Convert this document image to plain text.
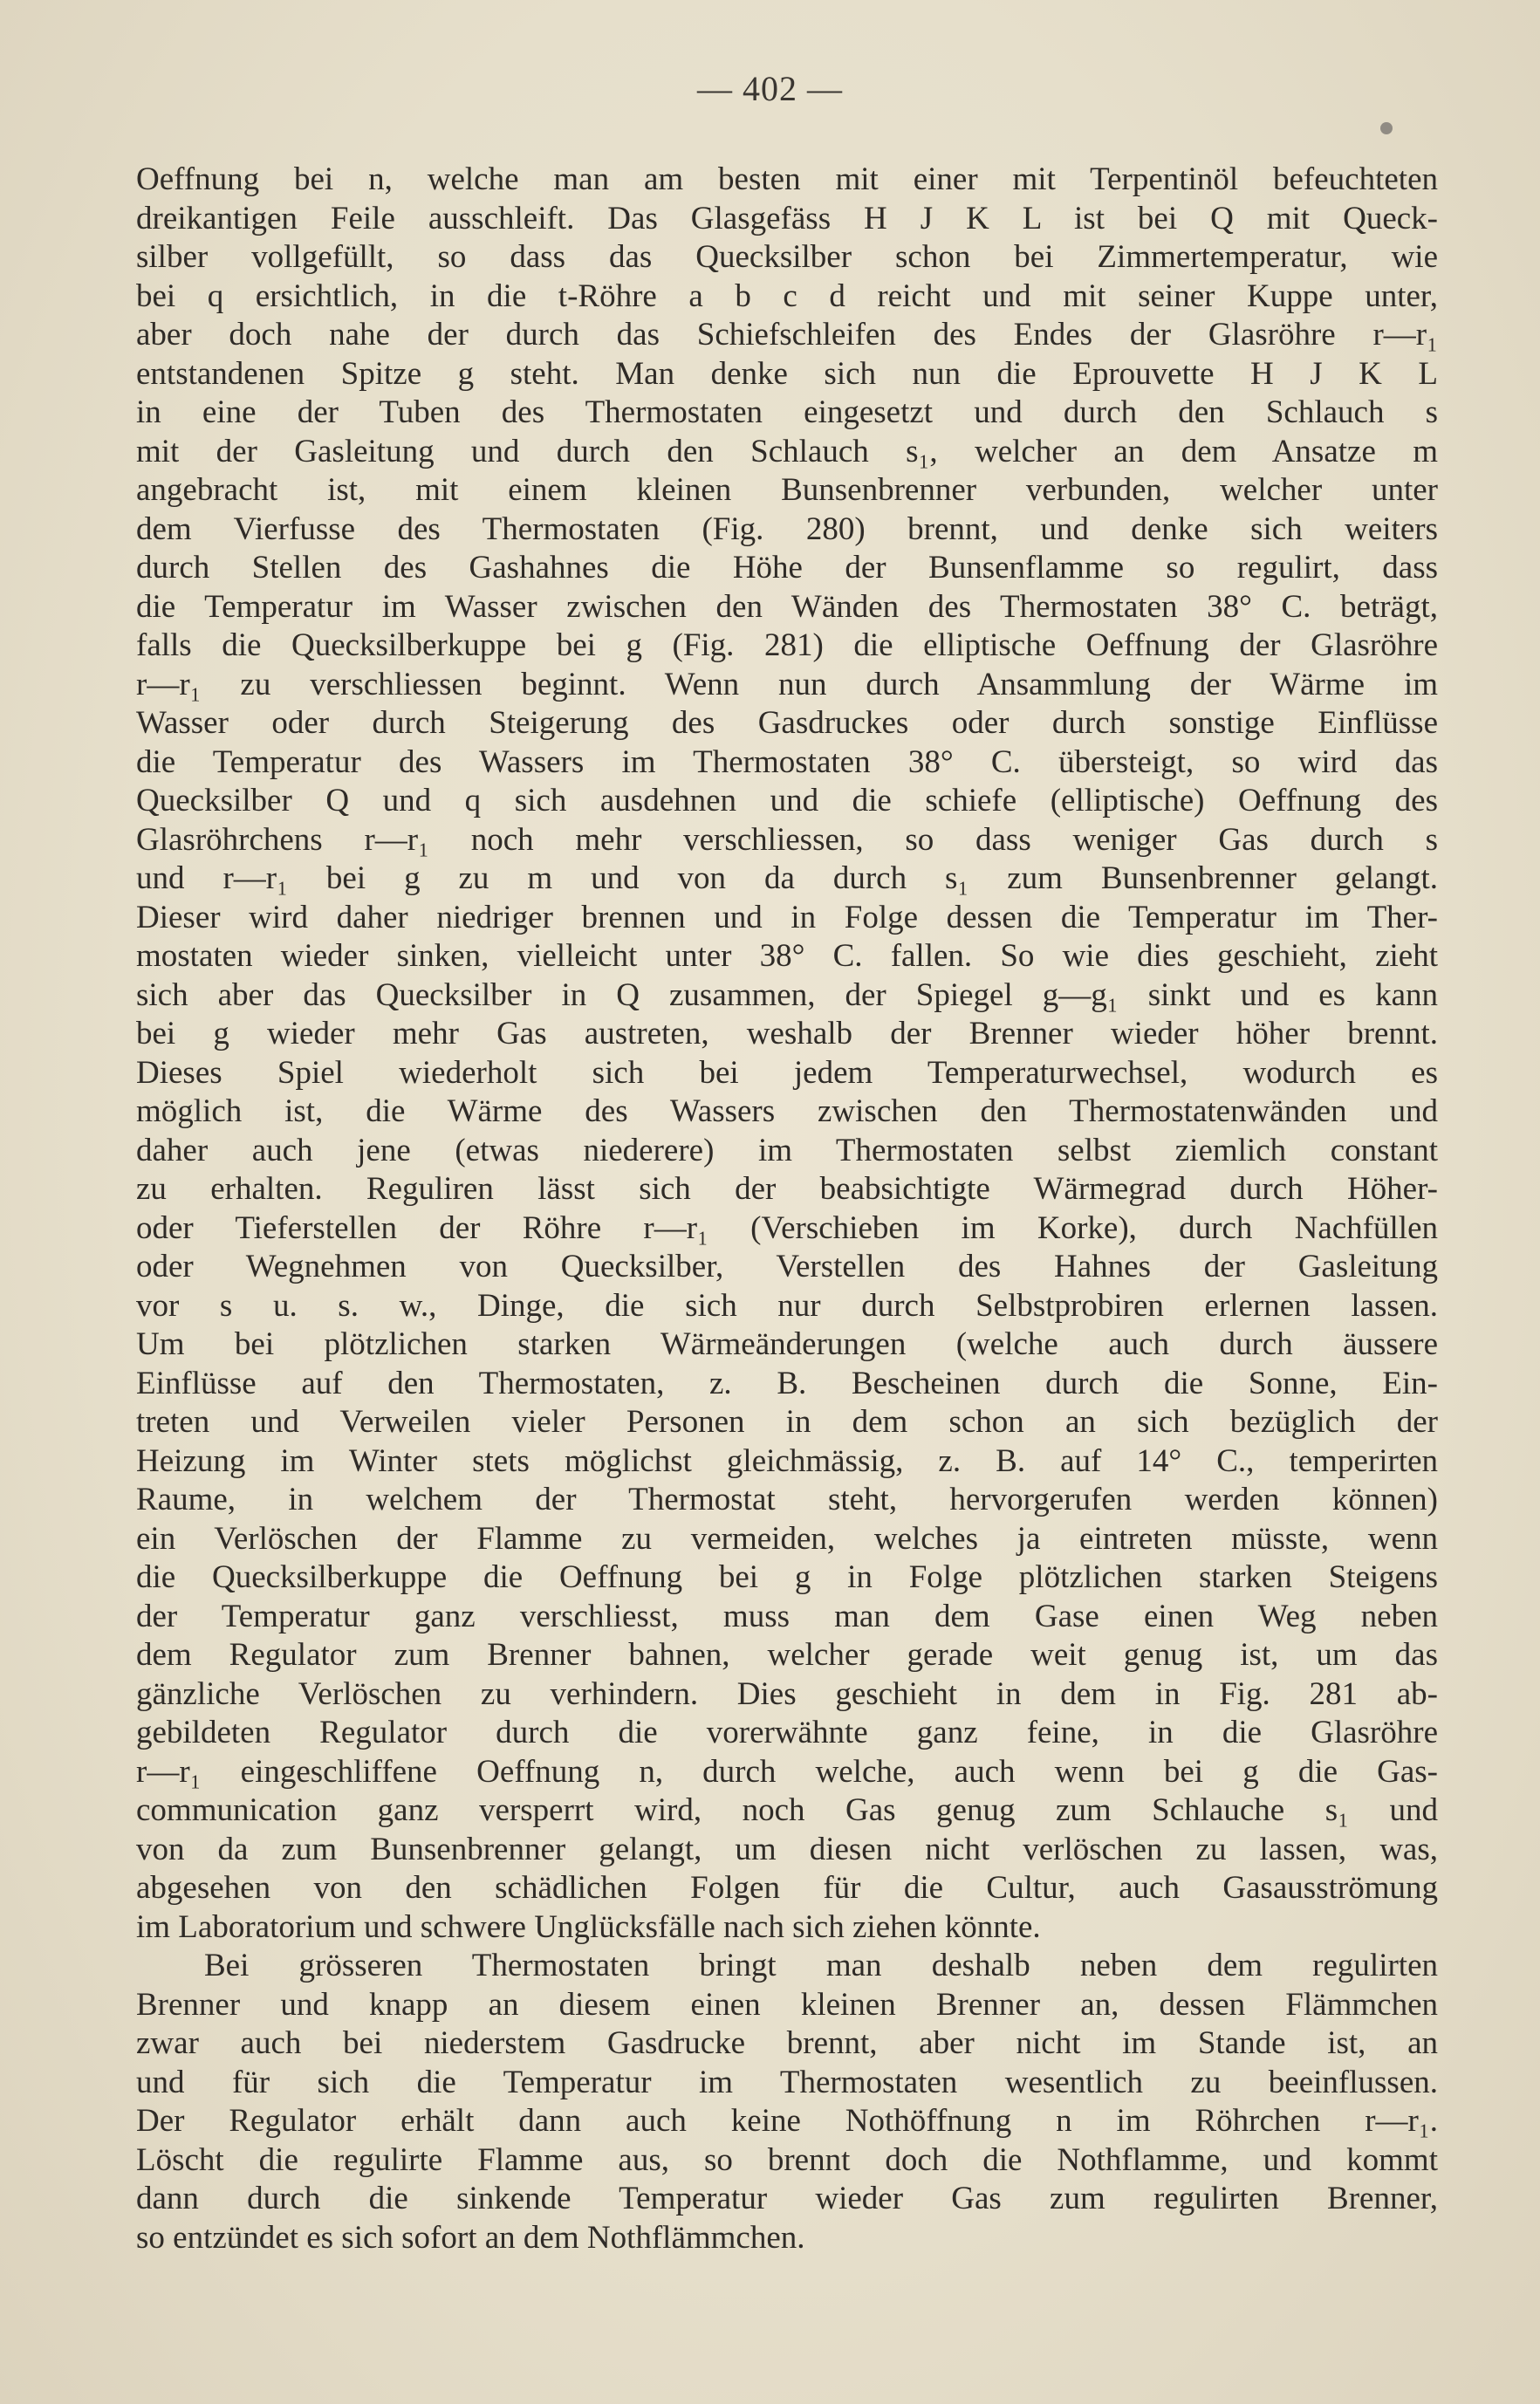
— 402 —
Oeffnung bei n, welche man am besten mit einer mit Terpentinöl befeuchteten
dreikantigen Feile ausschleift. Das Glasgefäss H J K L ist bei Q mit Queck-
silber vollgefüllt, so dass das Quecksilber schon bei Zimmertemperatur, wie
bei q ersichtlich, in die t-Röhre a b c d reicht und mit seiner Kuppe unter,
aber doch nahe der durch das Schiefschleifen des Endes der Glasröhre r—r₁
entstandenen Spitze g steht. Man denke sich nun die Eprouvette H J K L
in eine der Tuben des Thermostaten eingesetzt und durch den Schlauch s
mit der Gasleitung und durch den Schlauch s₁, welcher an dem Ansatze m
angebracht ist, mit einem kleinen Bunsenbrenner verbunden, welcher unter
dem Vierfusse des Thermostaten (Fig. 280) brennt, und denke sich weiters
durch Stellen des Gashahnes die Höhe der Bunsenflamme so regulirt, dass
die Temperatur im Wasser zwischen den Wänden des Thermostaten 38° C. beträgt,
falls die Quecksilberkuppe bei g (Fig. 281) die elliptische Oeffnung der Glasröhre
r—r₁ zu verschliessen beginnt. Wenn nun durch Ansammlung der Wärme im
Wasser oder durch Steigerung des Gasdruckes oder durch sonstige Einflüsse
die Temperatur des Wassers im Thermostaten 38° C. übersteigt, so wird das
Quecksilber Q und q sich ausdehnen und die schiefe (elliptische) Oeffnung des
Glasröhrchens r—r₁ noch mehr verschliessen, so dass weniger Gas durch s
und r—r₁ bei g zu m und von da durch s₁ zum Bunsenbrenner gelangt.
Dieser wird daher niedriger brennen und in Folge dessen die Temperatur im Ther-
mostaten wieder sinken, vielleicht unter 38° C. fallen. So wie dies geschieht, zieht
sich aber das Quecksilber in Q zusammen, der Spiegel g—g₁ sinkt und es kann
bei g wieder mehr Gas austreten, weshalb der Brenner wieder höher brennt.
Dieses Spiel wiederholt sich bei jedem Temperaturwechsel, wodurch es
möglich ist, die Wärme des Wassers zwischen den Thermostatenwänden und
daher auch jene (etwas niederere) im Thermostaten selbst ziemlich constant
zu erhalten. Reguliren lässt sich der beabsichtigte Wärmegrad durch Höher-
oder Tieferstellen der Röhre r—r₁ (Verschieben im Korke), durch Nachfüllen
oder Wegnehmen von Quecksilber, Verstellen des Hahnes der Gasleitung
vor s u. s. w., Dinge, die sich nur durch Selbstprobiren erlernen lassen.
Um bei plötzlichen starken Wärmeänderungen (welche auch durch äussere
Einflüsse auf den Thermostaten, z. B. Bescheinen durch die Sonne, Ein-
treten und Verweilen vieler Personen in dem schon an sich bezüglich der
Heizung im Winter stets möglichst gleichmässig, z. B. auf 14° C., temperirten
Raume, in welchem der Thermostat steht, hervorgerufen werden können)
ein Verlöschen der Flamme zu vermeiden, welches ja eintreten müsste, wenn
die Quecksilberkuppe die Oeffnung bei g in Folge plötzlichen starken Steigens
der Temperatur ganz verschliesst, muss man dem Gase einen Weg neben
dem Regulator zum Brenner bahnen, welcher gerade weit genug ist, um das
gänzliche Verlöschen zu verhindern. Dies geschieht in dem in Fig. 281 ab-
gebildeten Regulator durch die vorerwähnte ganz feine, in die Glasröhre
r—r₁ eingeschliffene Oeffnung n, durch welche, auch wenn bei g die Gas-
communication ganz versperrt wird, noch Gas genug zum Schlauche s₁ und
von da zum Bunsenbrenner gelangt, um diesen nicht verlöschen zu lassen, was,
abgesehen von den schädlichen Folgen für die Cultur, auch Gasausströmung
im Laboratorium und schwere Unglücksfälle nach sich ziehen könnte.
Bei grösseren Thermostaten bringt man deshalb neben dem regulirten
Brenner und knapp an diesem einen kleinen Brenner an, dessen Flämmchen
zwar auch bei niederstem Gasdrucke brennt, aber nicht im Stande ist, an
und für sich die Temperatur im Thermostaten wesentlich zu beeinflussen.
Der Regulator erhält dann auch keine Nothöffnung n im Röhrchen r—r₁.
Löscht die regulirte Flamme aus, so brennt doch die Nothflamme, und kommt
dann durch die sinkende Temperatur wieder Gas zum regulirten Brenner,
so entzündet es sich sofort an dem Nothflämmchen.
